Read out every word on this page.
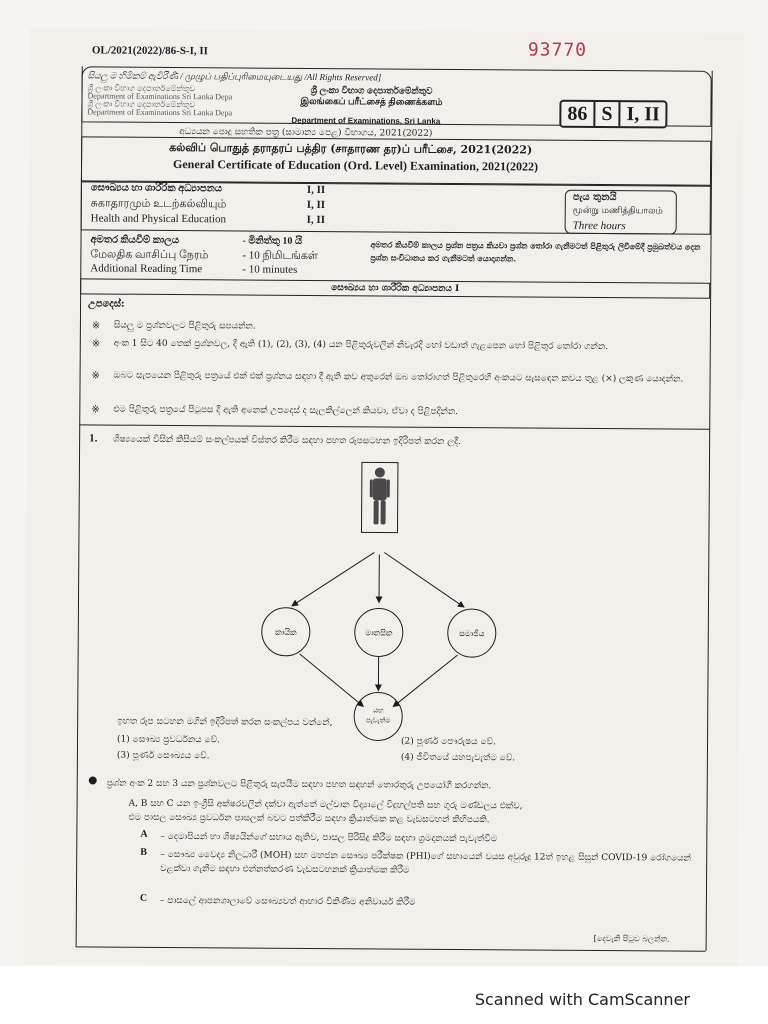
OL/2021(2022)/86-S-I, II	93770
සියලු ම හිමිකම් ඇවිරිණි / முழுப் பதிப்புரிமையுடையது /All Rights Reserved]
ශ්‍රී ලංකා විභාග දෙපාර්තමේන්තුව
Department of Examinations Sri Lanka Depa
ශ්‍රී ලංකා විභාග දෙපාර්තමේන්තුව
Department of Examinations Sri Lanka Depa
ශ්‍රී ලංකා විභාග දෙපාර්තමේන්තුව
இலங்கைப் பரீட்சைத் திணைக்களம்
Department of Examinations, Sri Lanka	86 S I, II
අධ්‍යයන පොදු සහතික පත්‍ර (සාමාන්‍ය පෙළ) විභාගය, 2021(2022)
கல்விப் பொதுத் தராதரப் பத்திர (சாதாரண தர)ப் பரீட்சை, 2021(2022)
General Certificate of Education (Ord. Level) Examination, 2021(2022)
සෞඛ්‍යය හා ශාරීරික අධ්‍යාපනය	I, II
சுகாதாரமும் உடற்கல்வியும்	I, II
Health and Physical Education	I, II
පැය තුනයි
மூன்று மணித்தியாலம்
Three hours
අමතර කියවීම් කාලය	- මිනිත්තු 10 යි
மேலதிக வாசிப்பு நேரம்	- 10 நிமிடங்கள்
Additional Reading Time	- 10 minutes
අමතර කියවීම් කාලය ප්‍රශ්න පත්‍රය කියවා ප්‍රශ්න තෝරා ගැනීමටත් පිළිතුරු ලිවීමේදී ප්‍රමුඛත්වය දෙන ප්‍රශ්න සංවිධානය කර ගැනීමටත් යොදාගන්න.
සෞඛ්‍යය හා ශාරීරික අධ්‍යාපනය I
උපදෙස්:
※ සියලු ම ප්‍රශ්නවලට පිළිතුරු සපයන්න.
※ අංක 1 සිට 40 තෙක් ප්‍රශ්නවල, දී ඇති (1), (2), (3), (4) යන පිළිතුරුවලින් නිවැරදි හෝ වඩාත් ගැළපෙන හෝ පිළිතුර තෝරා ගන්න.
※ ඔබට සැපයෙන පිළිතුරු පත්‍රයේ එක් එක් ප්‍රශ්නය සඳහා දී ඇති කව අතුරෙන් ඔබ තෝරාගත් පිළිතුරෙහි අංකයට සැසඳෙන කවය තුළ (×) ලකුණ යොදන්න.
※ එම පිළිතුරු පත්‍රයේ පිටුපස දී ඇති අනෙක් උපදෙස් ද සැලකිල්ලෙන් කියවා, ඒවා ද පිළිපදින්න.
1. ශිෂ්‍යයෙක් විසින් කිසියම් සංකල්පයක් විස්තර කිරීම සඳහා පහත රූපසටහන ඉදිරිපත් කරන ලදී.
කායික	මානසික	සමාජීය
යහ
පැවැත්ම
ඉහත රූප සටහන මගින් ඉදිරිපත් කරන සංකල්පය වන්නේ,
(1) සෞඛ්‍ය ප්‍රවර්ධනය වේ.	(2) පූර්ණ පෞරුෂය වේ.
(3) පූර්ණ සෞඛ්‍යය වේ.	(4) ජීවිතයේ යහපැවැත්ම වේ.
ප්‍රශ්න අංක 2 සහ 3 යන ප්‍රශ්නවලට පිළිතුරු සැපයීම සඳහා පහත සඳහන් තොරතුරු උපයෝගී කරගන්න.
A, B සහ C යන ඉංග්‍රීසි අක්ෂරවලින් දක්වා ඇත්තේ මල්වාන විද්‍යාලේ විදුහල්පති සහ ගුරු මණ්ඩලය එක්ව,
එම පාසල සෞඛ්‍ය ප්‍රවර්ධන පාසලක් බවට පත්කිරීම සඳහා ක්‍රියාත්මක කළ වැඩසටහන් කිහිපයකි.
A – දෙමාපියන් හා ශිෂ්‍යයින්ගේ සහාය ඇතිව, පාසල පිරිසිදු කිරීම සඳහා ශ්‍රමදානයක් පැවැත්වීම
B – සෞඛ්‍ය වෛද්‍ය නිලධාරී (MOH) සහ මහජන සෞඛ්‍ය පරීක්ෂක (PHI)ගේ සහායෙන් වයස අවුරුදු 12ත් ඉහළ සිසුන් COVID-19 රෝගයෙන් වළක්වා ගැනීම සඳහා එන්නත්කරණ වැඩසටහනක් ක්‍රියාත්මක කිරීම
C – පාසලේ ආපනශාලාවේ සෞඛ්‍යවත් ආහාර විකිණීම අනිවාර්ය කිරීම
[දෙවැනි පිටුව බලන්න.
Scanned with CamScanner
